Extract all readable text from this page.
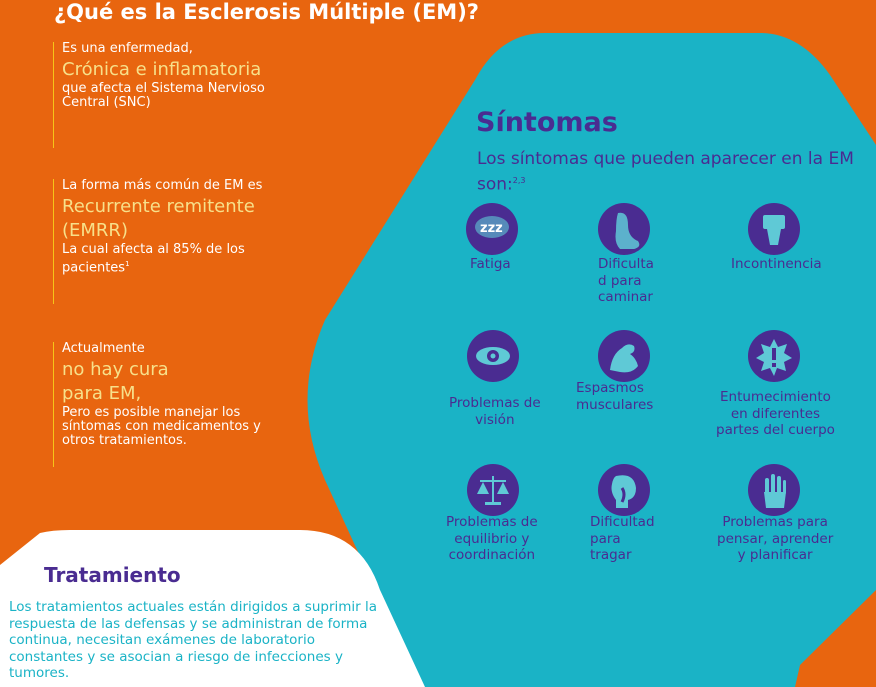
¿Qué es la Esclerosis Múltiple (EM)?
Es una enfermedad,
Crónica e inflamatoria
que afecta el Sistema Nervioso Central (SNC)
La forma más común de EM es
Recurrente remitente (EMRR)
La cual afecta al 85% de los pacientes$^1$
Actualmente
no hay cura para EM,
Pero es posible manejar los síntomas con medicamentos y otros tratamientos.
Síntomas
Los síntomas que pueden aparecer en la EM son:$^{2,3}$
zzz
Fatiga	Dificulta
d para
caminar
Incontinencia
Problemas de
visión
Espasmos
musculares	Entumecimiento
en diferentes
partes del cuerpo
Problemas de
equilibrio y
coordinación
Dificultad
para
tragar
Problemas para
pensar, aprender
y planificar
Tratamiento

Los tratamientos actuales están dirigidos a suprimir la respuesta de las defensas y se administran de forma continua, necesitan exámenes de laboratorio constantes y se asocian a riesgo de infecciones y tumores.
